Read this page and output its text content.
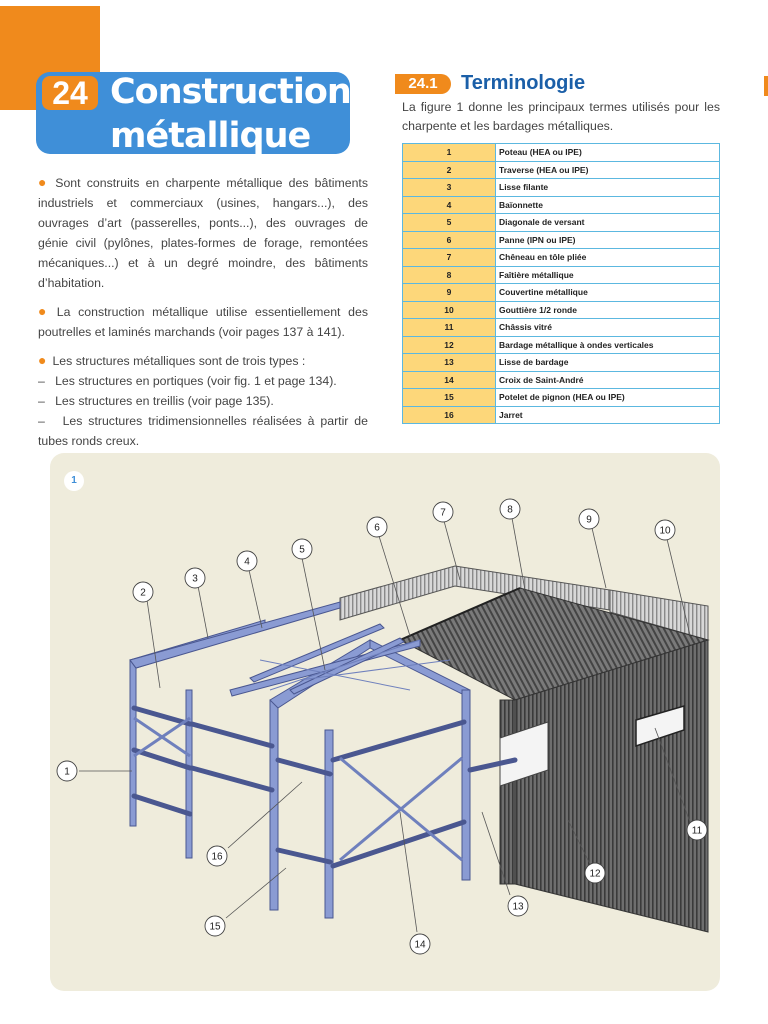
24 Construction
métallique

● Sont construits en charpente métallique des bâtiments industriels et commerciaux (usines, hangars...), des ouvrages d’art (passerelles, ponts...), des ouvrages de génie civil (pylônes, plates-formes de forage, remontées mécaniques...) et à un degré moindre, des bâtiments d’habitation.

● La construction métallique utilise essentiellement des poutrelles et laminés marchands (voir pages 137 à 141).

● Les structures métalliques sont de trois types :

–   Les structures en portiques (voir fig. 1 et page 134).

–   Les structures en treillis (voir page 135).

–   Les structures tridimensionnelles réalisées à partir de tubes ronds creux.

24.1	Terminologie
La figure 1 donne les principaux termes utilisés pour les charpente et les bardages métalliques.
1	Poteau (HEA ou IPE)
2	Traverse (HEA ou IPE)
3	Lisse filante
4	Baïonnette
5	Diagonale de versant
6	Panne (IPN ou IPE)
7	Chêneau en tôle pliée
8	Faîtière métallique
9	Couvertine métallique
10	Gouttière 1/2 ronde
11	Châssis vitré
12	Bardage métallique à ondes verticales
13	Lisse de bardage
14	Croix de Saint-André
15	Potelet de pignon (HEA ou IPE)
16	Jarret
1
1
2
3
4
5
6
7	8
9
10
11
12
13
14
15
16
